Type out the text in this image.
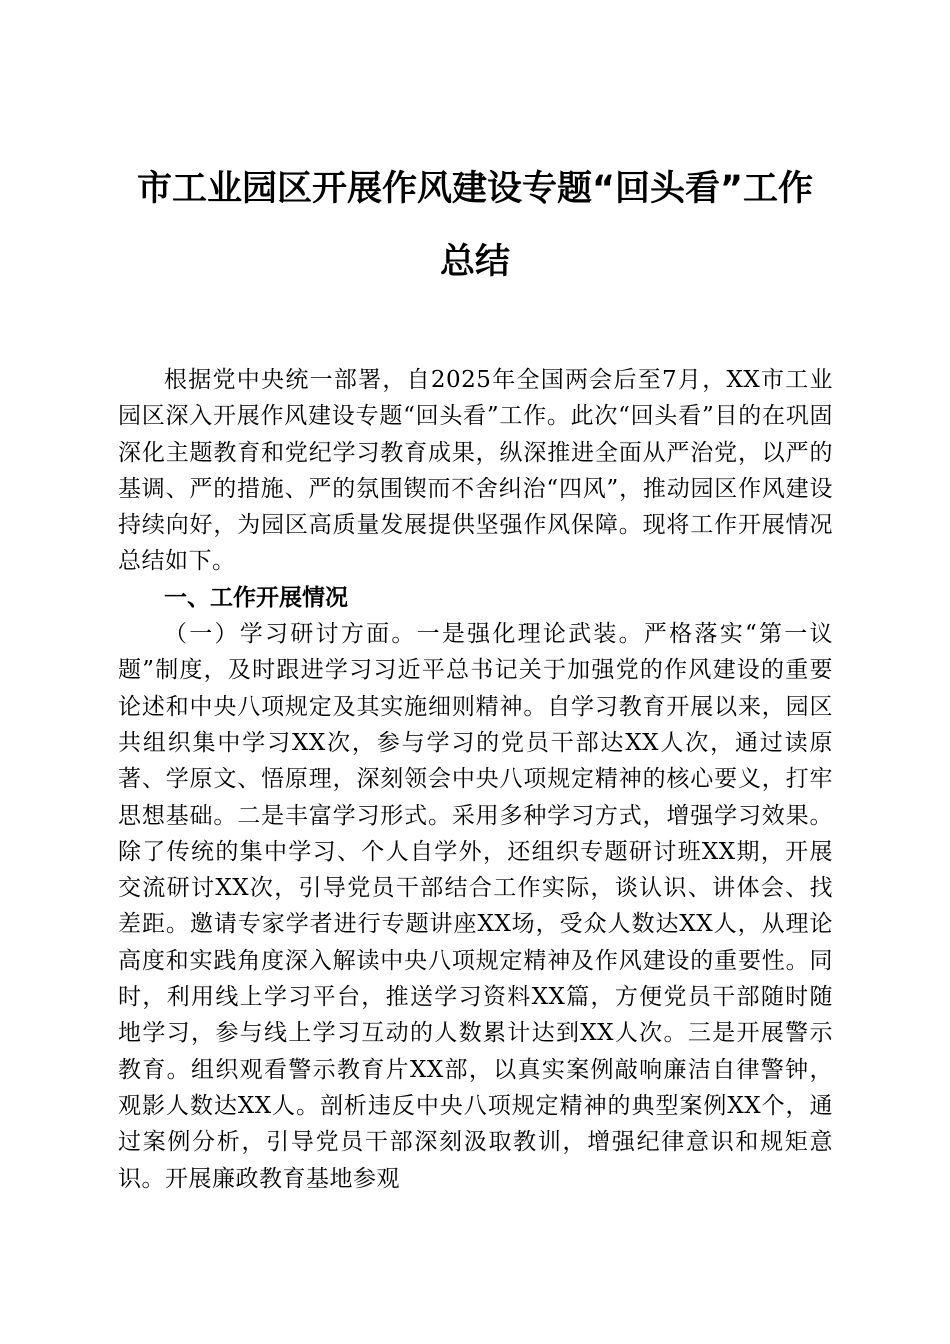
市工业园区开展作风建设专题“回头看”工作
总结

根据党中央统一部署，自2025年全国两会后至7月，XX市工业园区深入开展作风建设专题“回头看”工作。此次“回头看”目的在巩固深化主题教育和党纪学习教育成果，纵深推进全面从严治党，以严的基调、严的措施、严的氛围锲而不舍纠治“四风”，推动园区作风建设持续向好，为园区高质量发展提供坚强作风保障。现将工作开展情况总结如下。

一、工作开展情况

（一）学习研讨方面。一是强化理论武装。严格落实“第一议题”制度，及时跟进学习习近平总书记关于加强党的作风建设的重要论述和中央八项规定及其实施细则精神。自学习教育开展以来，园区共组织集中学习XX次，参与学习的党员干部达XX人次，通过读原著、学原文、悟原理，深刻领会中央八项规定精神的核心要义，打牢思想基础。二是丰富学习形式。采用多种学习方式，增强学习效果。除了传统的集中学习、个人自学外，还组织专题研讨班XX期，开展交流研讨XX次，引导党员干部结合工作实际，谈认识、讲体会、找差距。邀请专家学者进行专题讲座XX场，受众人数达XX人，从理论高度和实践角度深入解读中央八项规定精神及作风建设的重要性。同时，利用线上学习平台，推送学习资料XX篇，方便党员干部随时随地学习，参与线上学习互动的人数累计达到XX人次。三是开展警示教育。组织观看警示教育片XX部，以真实案例敲响廉洁自律警钟，观影人数达XX人。剖析违反中央八项规定精神的典型案例XX个，通过案例分析，引导党员干部深刻汲取教训，增强纪律意识和规矩意识。开展廉政教育基地参观
